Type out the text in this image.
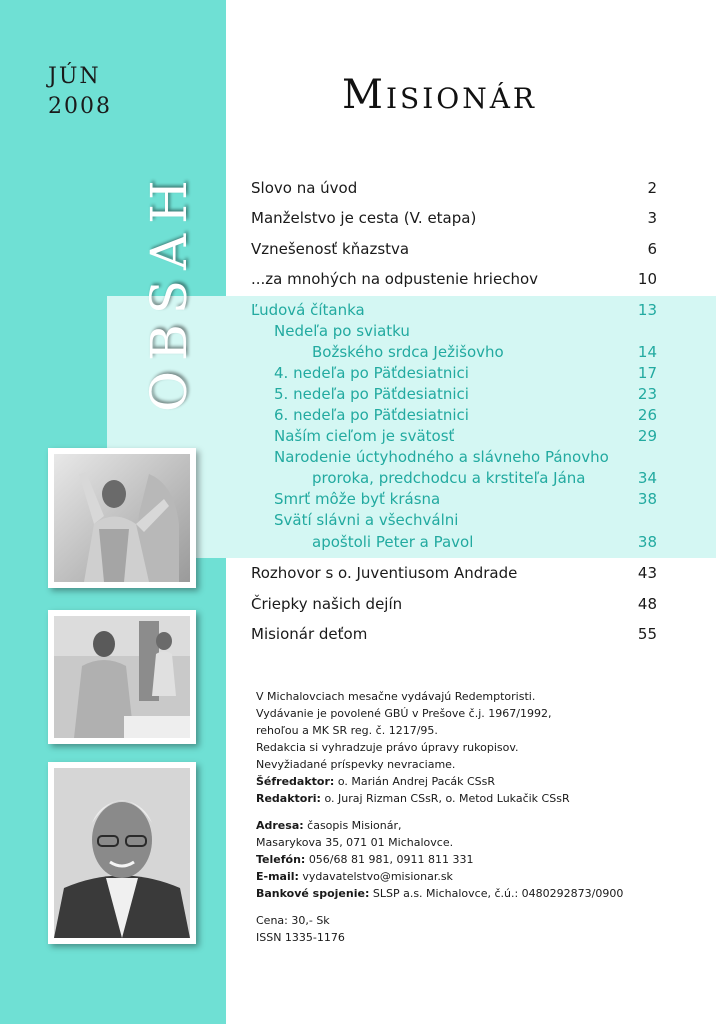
JÚN
2008	Misionár
OBSAH	Slovo na úvod	2
Manželstvo je cesta (V. etapa)	3
Vznešenosť kňazstva	6
...za mnohých na odpustenie hriechov	10
Ľudová čítanka	13
Nedeľa po sviatku
Božského srdca Ježišovho	14
4. nedeľa po Päťdesiatnici	17
5. nedeľa po Päťdesiatnici	23
6. nedeľa po Päťdesiatnici	26
Naším cieľom je svätosť	29
Narodenie úctyhodného a slávneho Pánovho
proroka, predchodcu a krstiteľa Jána	34
Smrť môže byť krásna	38
Svätí slávni a všechválni
apoštoli Peter a Pavol	38
Rozhovor s o. Juventiusom Andrade	43
Čriepky našich dejín	48
Misionár deťom	55
V Michalovciach mesačne vydávajú Redemptoristi.
Vydávanie je povolené GBÚ v Prešove č.j. 1967/1992,
rehoľou a MK SR reg. č. 1217/95.
Redakcia si vyhradzuje právo úpravy rukopisov.
Nevyžiadané príspevky nevraciame.
Šéfredaktor: o. Marián Andrej Pacák CSsR
Redaktori: o. Juraj Rizman CSsR, o. Metod Lukačik CSsR
Adresa: časopis Misionár,
Masarykova 35, 071 01 Michalovce.
Telefón: 056/68 81 981, 0911 811 331
E-mail: vydavatelstvo@misionar.sk
Bankové spojenie: SLSP a.s. Michalovce, č.ú.: 0480292873/0900
Cena: 30,- Sk
ISSN 1335-1176
